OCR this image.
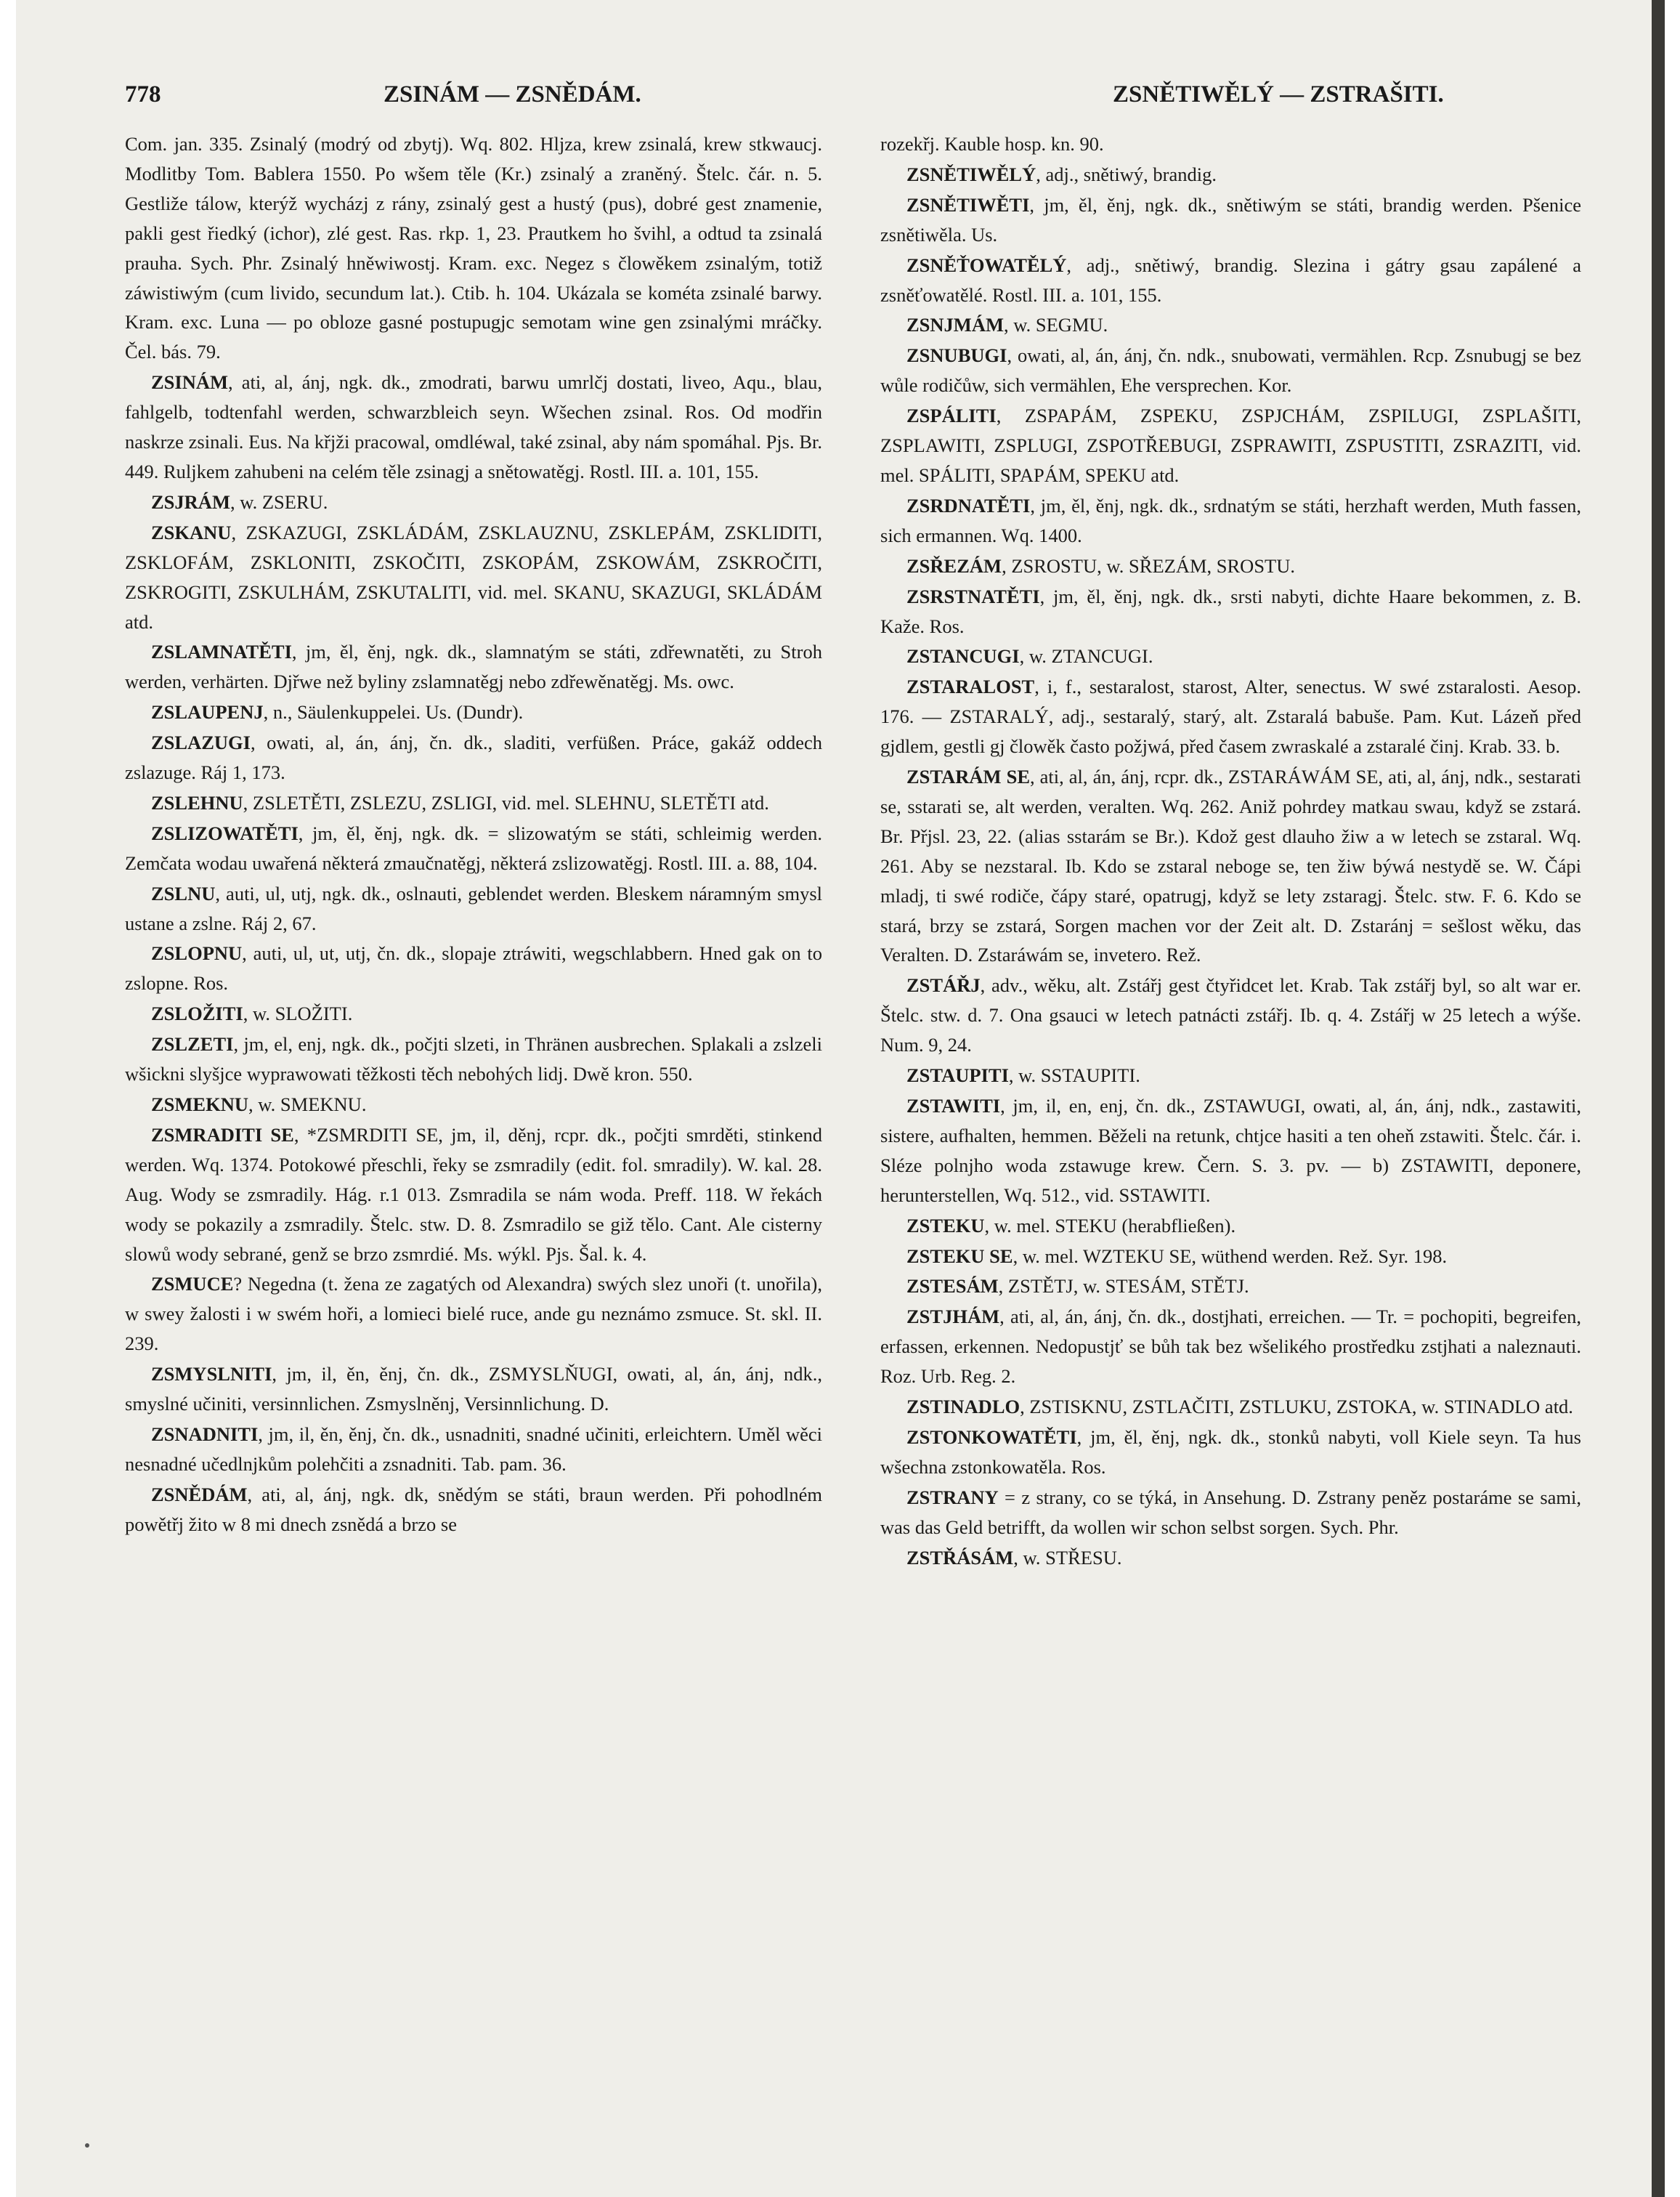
778	ZSINÁM — ZSNĚDÁM.	ZSNĚTIWĚLÝ — ZSTRAŠITI.

Com. jan. 335. Zsinalý (modrý od zbytj). Wq. 802. Hljza, krew zsinalá, krew stkwaucj. Modlitby Tom. Bablera 1550. Po wšem těle (Kr.) zsinalý a zraněný. Štelc. čár. n. 5. Gestliže tálow, kterýž wycházj z rány, zsinalý gest a hustý (pus), dobré gest znamenie, pakli gest řiedký (ichor), zlé gest. Ras. rkp. 1, 23. Prautkem ho švihl, a odtud ta zsinalá prauha. Sych. Phr. Zsinalý hněwiwostj. Kram. exc. Negez s člowěkem zsinalým, totiž záwistiwým (cum livido, secundum lat.). Ctib. h. 104. Ukázala se kométa zsinalé barwy. Kram. exc. Luna — po obloze gasné postupugjc semotam wine gen zsinalými mráčky. Čel. bás. 79.

ZSINÁM, ati, al, ánj, ngk. dk., zmodrati, barwu umrlčj dostati, liveo, Aqu., blau, fahlgelb, todtenfahl werden, schwarzbleich seyn. Wšechen zsinal. Ros. Od modřin naskrze zsinali. Eus. Na křjži pracowal, omdléwal, také zsinal, aby nám spomáhal. Pjs. Br. 449. Ruljkem zahubeni na celém těle zsinagj a snětowatěgj. Rostl. III. a. 101, 155.

ZSJRÁM, w. ZSERU.

ZSKANU, ZSKAZUGI, ZSKLÁDÁM, ZSKLAUZNU, ZSKLEPÁM, ZSKLIDITI, ZSKLOFÁM, ZSKLONITI, ZSKOČITI, ZSKOPÁM, ZSKOWÁM, ZSKROČITI, ZSKROGITI, ZSKULHÁM, ZSKUTALITI, vid. mel. SKANU, SKAZUGI, SKLÁDÁM atd.

ZSLAMNATĚTI, jm, ěl, ěnj, ngk. dk., slamnatým se státi, zdřewnatěti, zu Stroh werden, verhärten. Djřwe než byliny zslamnatěgj nebo zdřewěnatěgj. Ms. owc.

ZSLAUPENJ, n., Säulenkuppelei. Us. (Dundr).

ZSLAZUGI, owati, al, án, ánj, čn. dk., sladiti, verfüßen. Práce, gakáž oddech zslazuge. Ráj 1, 173.

ZSLEHNU, ZSLETĚTI, ZSLEZU, ZSLIGI, vid. mel. SLEHNU, SLETĚTI atd.

ZSLIZOWATĚTI, jm, ěl, ěnj, ngk. dk. = slizowatým se státi, schleimig werden. Zemčata wodau uwařená některá zmaučnatěgj, některá zslizowatěgj. Rostl. III. a. 88, 104.

ZSLNU, auti, ul, utj, ngk. dk., oslnauti, geblendet werden. Bleskem náramným smysl ustane a zslne. Ráj 2, 67.

ZSLOPNU, auti, ul, ut, utj, čn. dk., slopaje ztráwiti, wegschlabbern. Hned gak on to zslopne. Ros.

ZSLOŽITI, w. SLOŽITI.

ZSLZETI, jm, el, enj, ngk. dk., počjti slzeti, in Thränen ausbrechen. Splakali a zslzeli wšickni slyšjce wyprawowati těžkosti těch nebohých lidj. Dwě kron. 550.

ZSMEKNU, w. SMEKNU.

ZSMRADITI SE, *ZSMRDITI SE, jm, il, děnj, rcpr. dk., počjti smrděti, stinkend werden. Wq. 1374. Potokowé přeschli, řeky se zsmradily (edit. fol. smradily). W. kal. 28. Aug. Wody se zsmradily. Hág. r.1 013. Zsmradila se nám woda. Preff. 118. W řekách wody se pokazily a zsmradily. Štelc. stw. D. 8. Zsmradilo se giž tělo. Cant. Ale cisterny slowů wody sebrané, genž se brzo zsmrdié. Ms. wýkl. Pjs. Šal. k. 4.

ZSMUCE? Negedna (t. žena ze zagatých od Alexandra) swých slez unoři (t. unořila), w swey žalosti i w swém hoři, a lomieci bielé ruce, ande gu neznámo zsmuce. St. skl. II. 239.

ZSMYSLNITI, jm, il, ěn, ěnj, čn. dk., ZSMYSLŇUGI, owati, al, án, ánj, ndk., smyslné učiniti, versinnlichen. Zsmyslněnj, Versinnlichung. D.

ZSNADNITI, jm, il, ěn, ěnj, čn. dk., usnadniti, snadné učiniti, erleichtern. Uměl wěci nesnadné učedlnjkům polehčiti a zsnadniti. Tab. pam. 36.

ZSNĚDÁM, ati, al, ánj, ngk. dk, snědým se státi, braun werden. Při pohodlném powětřj žito w 8 mi dnech zsnědá a brzo se

rozekřj. Kauble hosp. kn. 90.

ZSNĚTIWĚLÝ, adj., snětiwý, brandig.

ZSNĚTIWĚTI, jm, ěl, ěnj, ngk. dk., snětiwým se státi, brandig werden. Pšenice zsnětiwěla. Us.

ZSNĚŤOWATĚLÝ, adj., snětiwý, brandig. Slezina i gátry gsau zapálené a zsněťowatělé. Rostl. III. a. 101, 155.

ZSNJMÁM, w. SEGMU.

ZSNUBUGI, owati, al, án, ánj, čn. ndk., snubowati, vermählen. Rcp. Zsnubugj se bez wůle rodičůw, sich vermählen, Ehe versprechen. Kor.

ZSPÁLITI, ZSPAPÁM, ZSPEKU, ZSPJCHÁM, ZSPILUGI, ZSPLAŠITI, ZSPLAWITI, ZSPLUGI, ZSPOTŘEBUGI, ZSPRAWITI, ZSPUSTITI, ZSRAZITI, vid. mel. SPÁLITI, SPAPÁM, SPEKU atd.

ZSRDNATĚTI, jm, ěl, ěnj, ngk. dk., srdnatým se státi, herzhaft werden, Muth fassen, sich ermannen. Wq. 1400.

ZSŘEZÁM, ZSROSTU, w. SŘEZÁM, SROSTU.

ZSRSTNATĚTI, jm, ěl, ěnj, ngk. dk., srsti nabyti, dichte Haare bekommen, z. B. Kaže. Ros.

ZSTANCUGI, w. ZTANCUGI.

ZSTARALOST, i, f., sestaralost, starost, Alter, senectus. W swé zstaralosti. Aesop. 176. — ZSTARALÝ, adj., sestaralý, starý, alt. Zstaralá babuše. Pam. Kut. Lázeň před gjdlem, gestli gj člowěk často požjwá, před časem zwraskalé a zstaralé činj. Krab. 33. b.

ZSTARÁM SE, ati, al, án, ánj, rcpr. dk., ZSTARÁWÁM SE, ati, al, ánj, ndk., sestarati se, sstarati se, alt werden, veralten. Wq. 262. Aniž pohrdey matkau swau, když se zstará. Br. Přjsl. 23, 22. (alias sstarám se Br.). Kdož gest dlauho žiw a w letech se zstaral. Wq. 261. Aby se nezstaral. Ib. Kdo se zstaral neboge se, ten žiw býwá nestydě se. W. Čápi mladj, ti swé rodiče, čápy staré, opatrugj, když se lety zstaragj. Štelc. stw. F. 6. Kdo se stará, brzy se zstará, Sorgen machen vor der Zeit alt. D. Zstaránj = sešlost wěku, das Veralten. D. Zstaráwám se, invetero. Rež.

ZSTÁŘJ, adv., wěku, alt. Zstářj gest čtyřidcet let. Krab. Tak zstářj byl, so alt war er. Štelc. stw. d. 7. Ona gsauci w letech patnácti zstářj. Ib. q. 4. Zstářj w 25 letech a wýše. Num. 9, 24.

ZSTAUPITI, w. SSTAUPITI.

ZSTAWITI, jm, il, en, enj, čn. dk., ZSTAWUGI, owati, al, án, ánj, ndk., zastawiti, sistere, aufhalten, hemmen. Běželi na retunk, chtjce hasiti a ten oheň zstawiti. Štelc. čár. i. Sléze polnjho woda zstawuge krew. Čern. S. 3. pv. — b) ZSTAWITI, deponere, herunterstellen, Wq. 512., vid. SSTAWITI.

ZSTEKU, w. mel. STEKU (herabfließen).

ZSTEKU SE, w. mel. WZTEKU SE, wüthend werden. Rež. Syr. 198.

ZSTESÁM, ZSTĚTJ, w. STESÁM, STĚTJ.

ZSTJHÁM, ati, al, án, ánj, čn. dk., dostjhati, erreichen. — Tr. = pochopiti, begreifen, erfassen, erkennen. Nedopustjť se bůh tak bez wšelikého prostředku zstjhati a naleznauti. Roz. Urb. Reg. 2.

ZSTINADLO, ZSTISKNU, ZSTLAČITI, ZSTLUKU, ZSTOKA, w. STINADLO atd.

ZSTONKOWATĚTI, jm, ěl, ěnj, ngk. dk., stonků nabyti, voll Kiele seyn. Ta hus wšechna zstonkowatěla. Ros.

ZSTRANY = z strany, co se týká, in Ansehung. D. Zstrany peněz postaráme se sami, was das Geld betrifft, da wollen wir schon selbst sorgen. Sych. Phr.

ZSTŘÁSÁM, w. STŘESU.
